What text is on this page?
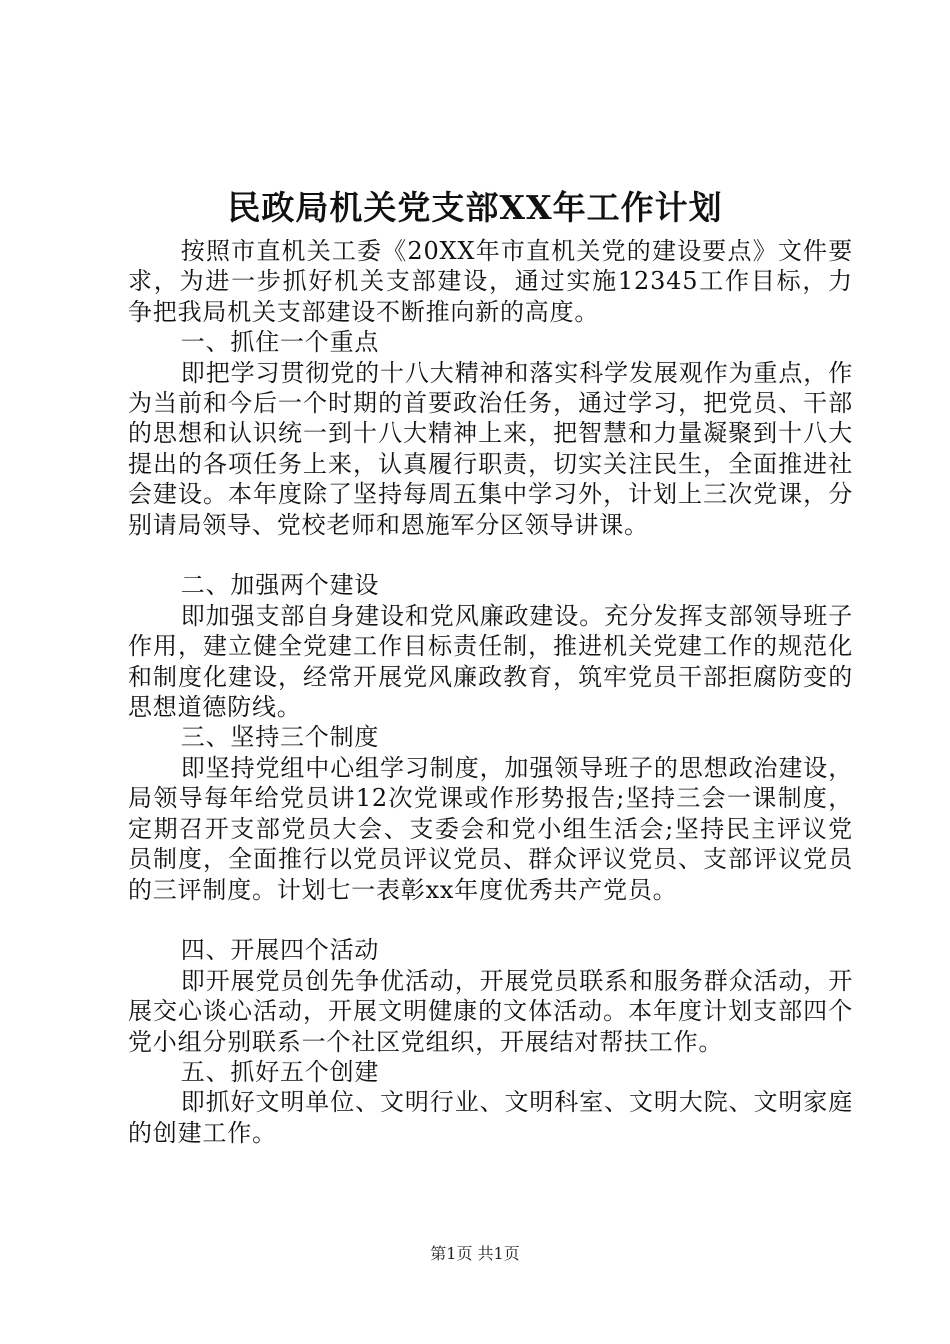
民政局机关党支部XX年工作计划

按照市直机关工委《20XX年市直机关党的建设要点》文件要求，为进一步抓好机关支部建设，通过实施12345工作目标，力争把我局机关支部建设不断推向新的高度。

一、抓住一个重点

即把学习贯彻党的十八大精神和落实科学发展观作为重点，作为当前和今后一个时期的首要政治任务，通过学习，把党员、干部的思想和认识统一到十八大精神上来，把智慧和力量凝聚到十八大提出的各项任务上来，认真履行职责，切实关注民生，全面推进社会建设。本年度除了坚持每周五集中学习外，计划上三次党课，分别请局领导、党校老师和恩施军分区领导讲课。

二、加强两个建设

即加强支部自身建设和党风廉政建设。充分发挥支部领导班子作用，建立健全党建工作目标责任制，推进机关党建工作的规范化和制度化建设，经常开展党风廉政教育，筑牢党员干部拒腐防变的思想道德防线。

三、坚持三个制度

即坚持党组中心组学习制度，加强领导班子的思想政治建设，局领导每年给党员讲12次党课或作形势报告;坚持三会一课制度，定期召开支部党员大会、支委会和党小组生活会;坚持民主评议党员制度，全面推行以党员评议党员、群众评议党员、支部评议党员的三评制度。计划七一表彰xx年度优秀共产党员。

四、开展四个活动

即开展党员创先争优活动，开展党员联系和服务群众活动，开展交心谈心活动，开展文明健康的文体活动。本年度计划支部四个党小组分别联系一个社区党组织，开展结对帮扶工作。

五、抓好五个创建

即抓好文明单位、文明行业、文明科室、文明大院、文明家庭的创建工作。

第1页 共1页
